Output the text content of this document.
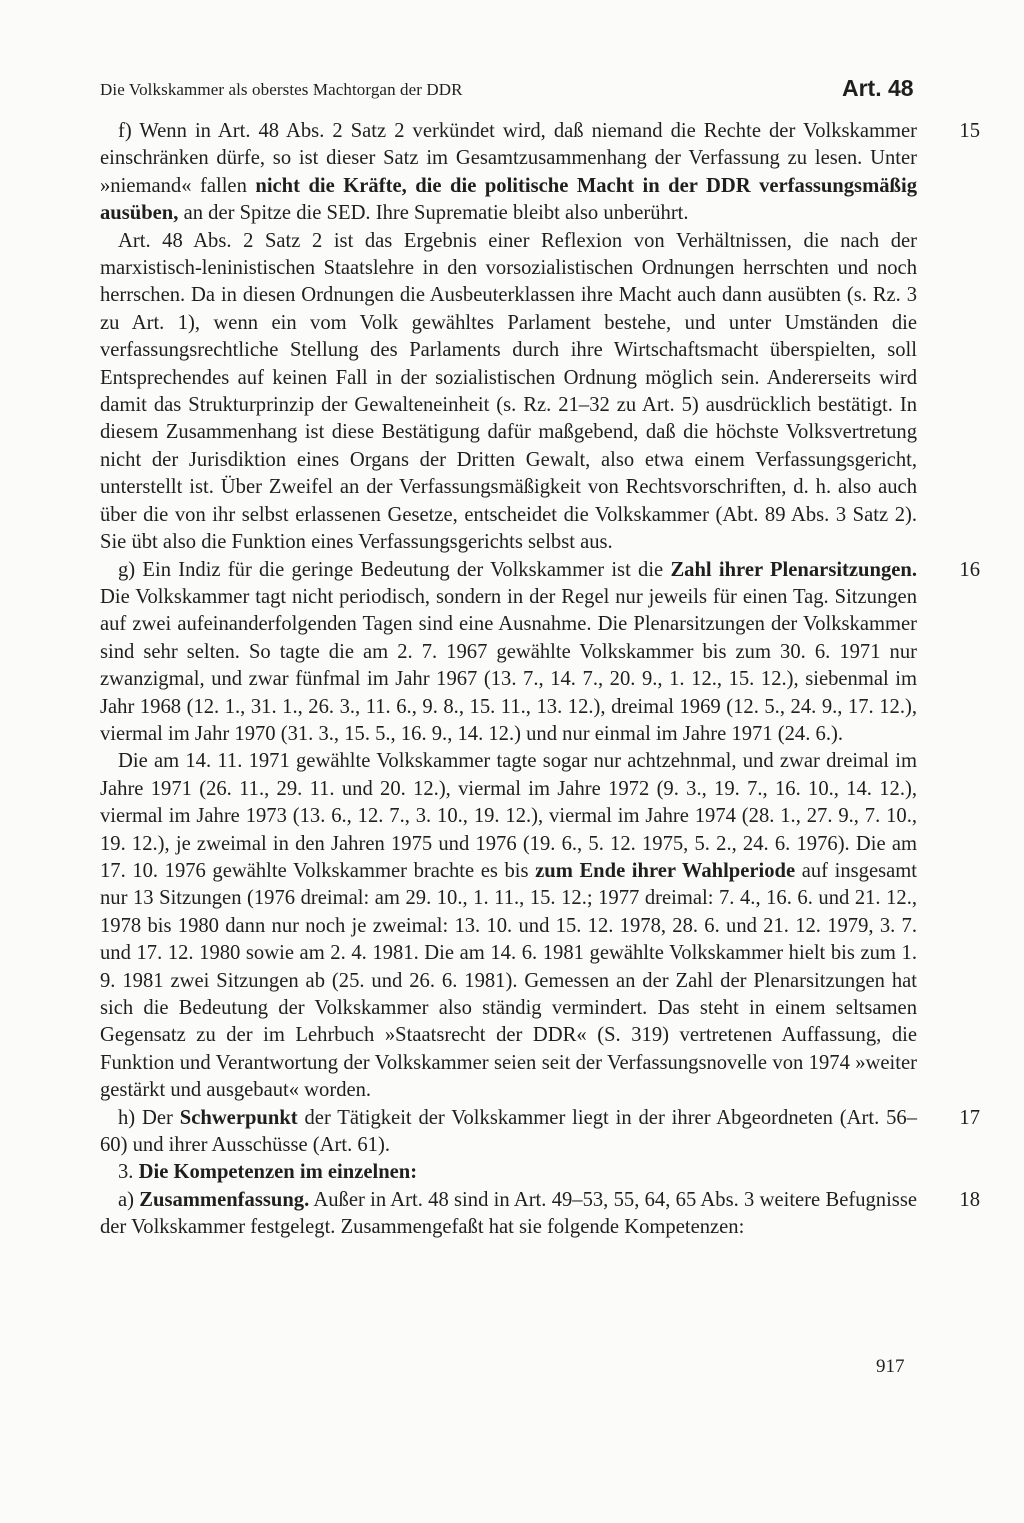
Die Volkskammer als oberstes Machtorgan der DDR	Art. 48

f) Wenn in Art. 48 Abs. 2 Satz 2 verkündet wird, daß niemand die Rechte der Volkskammer einschränken dürfe, so ist dieser Satz im Gesamtzusammenhang der Verfassung zu lesen. Unter »niemand« fallen nicht die Kräfte, die die politische Macht in der DDR verfassungsmäßig ausüben, an der Spitze die SED. Ihre Suprematie bleibt also unberührt.
15

Art. 48 Abs. 2 Satz 2 ist das Ergebnis einer Reflexion von Verhältnissen, die nach der marxistisch-leninistischen Staatslehre in den vorsozialistischen Ordnungen herrschten und noch herrschen. Da in diesen Ordnungen die Ausbeuterklassen ihre Macht auch dann ausübten (s. Rz. 3 zu Art. 1), wenn ein vom Volk gewähltes Parlament bestehe, und unter Umständen die verfassungsrechtliche Stellung des Parlaments durch ihre Wirtschaftsmacht überspielten, soll Entsprechendes auf keinen Fall in der sozialistischen Ordnung möglich sein. Andererseits wird damit das Strukturprinzip der Gewalteneinheit (s. Rz. 21–32 zu Art. 5) ausdrücklich bestätigt. In diesem Zusammenhang ist diese Bestätigung dafür maßgebend, daß die höchste Volksvertretung nicht der Jurisdiktion eines Organs der Dritten Gewalt, also etwa einem Verfassungsgericht, unterstellt ist. Über Zweifel an der Verfassungsmäßigkeit von Rechtsvorschriften, d. h. also auch über die von ihr selbst erlassenen Gesetze, entscheidet die Volkskammer (Abt. 89 Abs. 3 Satz 2). Sie übt also die Funktion eines Verfassungsgerichts selbst aus.

g) Ein Indiz für die geringe Bedeutung der Volkskammer ist die Zahl ihrer Plenarsitzungen. Die Volkskammer tagt nicht periodisch, sondern in der Regel nur jeweils für einen Tag. Sitzungen auf zwei aufeinanderfolgenden Tagen sind eine Ausnahme. Die Plenarsitzungen der Volkskammer sind sehr selten. So tagte die am 2. 7. 1967 gewählte Volkskammer bis zum 30. 6. 1971 nur zwanzigmal, und zwar fünfmal im Jahr 1967 (13. 7., 14. 7., 20. 9., 1. 12., 15. 12.), siebenmal im Jahr 1968 (12. 1., 31. 1., 26. 3., 11. 6., 9. 8., 15. 11., 13. 12.), dreimal 1969 (12. 5., 24. 9., 17. 12.), viermal im Jahr 1970 (31. 3., 15. 5., 16. 9., 14. 12.) und nur einmal im Jahre 1971 (24. 6.).
16

Die am 14. 11. 1971 gewählte Volkskammer tagte sogar nur achtzehnmal, und zwar dreimal im Jahre 1971 (26. 11., 29. 11. und 20. 12.), viermal im Jahre 1972 (9. 3., 19. 7., 16. 10., 14. 12.), viermal im Jahre 1973 (13. 6., 12. 7., 3. 10., 19. 12.), viermal im Jahre 1974 (28. 1., 27. 9., 7. 10., 19. 12.), je zweimal in den Jahren 1975 und 1976 (19. 6., 5. 12. 1975, 5. 2., 24. 6. 1976). Die am 17. 10. 1976 gewählte Volkskammer brachte es bis zum Ende ihrer Wahlperiode auf insgesamt nur 13 Sitzungen (1976 dreimal: am 29. 10., 1. 11., 15. 12.; 1977 dreimal: 7. 4., 16. 6. und 21. 12., 1978 bis 1980 dann nur noch je zweimal: 13. 10. und 15. 12. 1978, 28. 6. und 21. 12. 1979, 3. 7. und 17. 12. 1980 sowie am 2. 4. 1981. Die am 14. 6. 1981 gewählte Volkskammer hielt bis zum 1. 9. 1981 zwei Sitzungen ab (25. und 26. 6. 1981). Gemessen an der Zahl der Plenarsitzungen hat sich die Bedeutung der Volkskammer also ständig vermindert. Das steht in einem seltsamen Gegensatz zu der im Lehrbuch »Staatsrecht der DDR« (S. 319) vertretenen Auffassung, die Funktion und Verantwortung der Volkskammer seien seit der Verfassungsnovelle von 1974 »weiter gestärkt und ausgebaut« worden.

h) Der Schwerpunkt der Tätigkeit der Volkskammer liegt in der ihrer Abgeordneten (Art. 56–60) und ihrer Ausschüsse (Art. 61).
17

3. Die Kompetenzen im einzelnen:

a) Zusammenfassung. Außer in Art. 48 sind in Art. 49–53, 55, 64, 65 Abs. 3 weitere Befugnisse der Volkskammer festgelegt. Zusammengefaßt hat sie folgende Kompetenzen:
18

917
